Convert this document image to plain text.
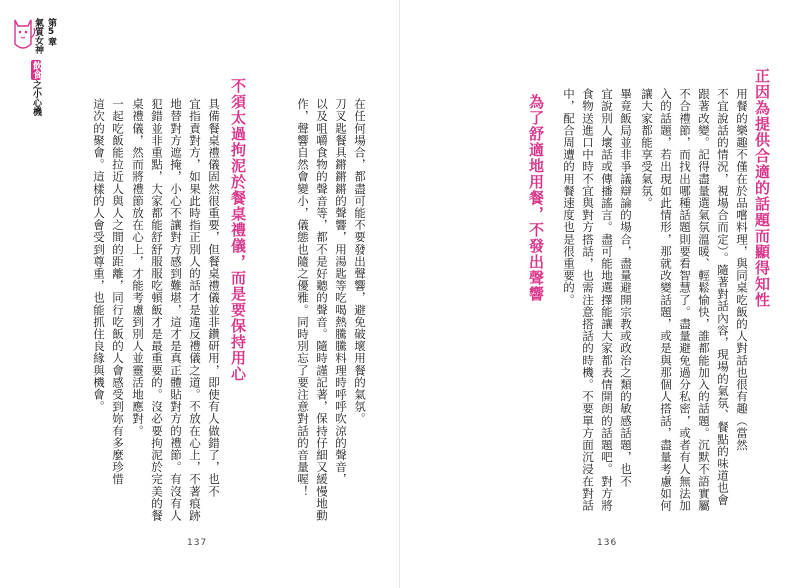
第5章
氣質女神
飲食之小心機	在任何場合，都盡可能不要發出聲響，避免破壞用餐的氣氛。
刀叉匙餐具鏘鏘鏘的聲響，用湯匙等吃喝熱騰騰料理時呼呼吹涼的聲音，
以及咀嚼食物的聲音等，都不是好聽的聲音。隨時謹記著，保持仔細又緩慢地動
作，聲響自然會變小，儀態也隨之優雅。同時別忘了要注意對話的音量喔！
不須太過拘泥於餐桌禮儀，而是要保持用心
具備餐桌禮儀固然很重要，但餐桌禮儀並非鑽研用，即使有人做錯了，也不
宜指責對方，如果此時指正別人的話才是違反禮儀之道。不放在心上，不著痕跡
地替對方遮掩，小心不讓對方感到難堪，這才是真正體貼對方的禮節。有沒有人
犯錯並非重點，大家都能舒舒服服吃頓飯才是最重要的。沒必要拘泥於完美的餐
桌禮儀，然而將禮節放在心上，才能考慮到別人並靈活地應對。
一起吃飯能拉近人與人之間的距離，同行吃飯的人會感受到妳有多麼珍惜
這次的聚會。這樣的人會受到尊重，也能抓住良緣與機會。
137
正因為提供合適的話題而顯得知性
用餐的樂趣不僅在於品嚐料理，與同桌吃飯的人對話也很有趣（當然
不宜說話的情況，視場合而定）。隨著對話內容，現場的氣氛、餐點的味道也會
跟著改變。記得盡量選氣氛溫暖、輕鬆愉快，誰都能加入的話題。沉默不語實屬
不合禮節，而找出哪種話題則要看智慧了。盡量避免過分私密，或者有人無法加
入的話題，若出現如此情形，那就改變話題，或是與那個人搭話，盡量考慮如何
讓大家都能享受氣氛。
畢竟飯局並非爭議辯論的場合，盡量避開宗教或政治之類的敏感話題，也不
宜說別人壞話或傳播謠言。盡可能地選擇能讓大家都表情開朗的話題吧。對方將
食物送進口中時不宜與對方搭話，也需注意搭話的時機。不要單方面沉浸在對話
中，配合周遭的用餐速度也是很重要的。
為了舒適地用餐，不發出聲響
136
